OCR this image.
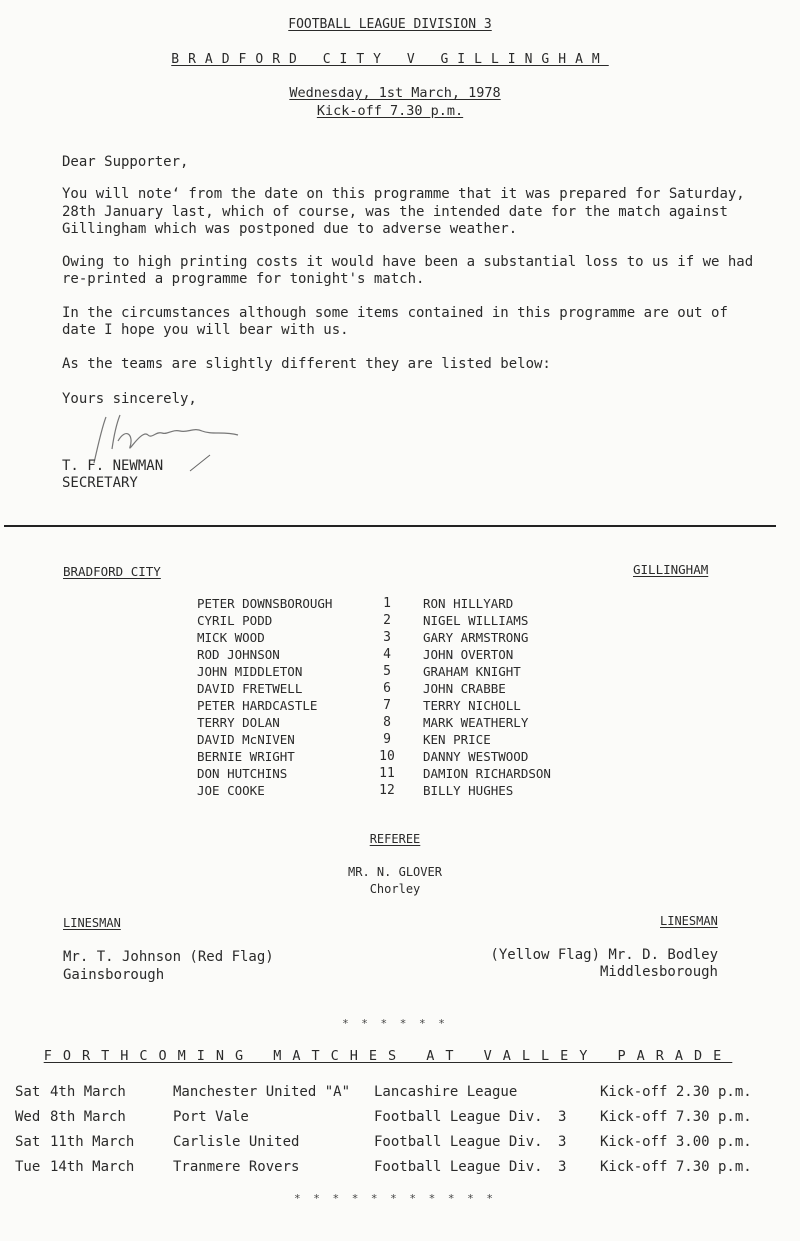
FOOTBALL LEAGUE DIVISION 3
BRADFORD CITY V GILLINGHAM
Wednesday, 1st March, 1978
Kick-off 7.30 p.m.
Dear Supporter,
You will noteʻ from the date on this programme that it was prepared for Saturday,
28th January last, which of course, was the intended date for the match against
Gillingham which was postponed due to adverse weather.
Owing to high printing costs it would have been a substantial loss to us if we had
re-printed a programme for tonight's match.
In the circumstances although some items contained in this programme are out of
date I hope you will bear with us.
As the teams are slightly different they are listed below:
Yours sincerely,
T. F. NEWMAN
SECRETARY
BRADFORD CITY	GILLINGHAM
PETER DOWNSBOROUGH	1	RON HILLYARD
CYRIL PODD	2	NIGEL WILLIAMS
MICK WOOD	3	GARY ARMSTRONG
ROD JOHNSON	4	JOHN OVERTON
JOHN MIDDLETON	5	GRAHAM KNIGHT
DAVID FRETWELL	6	JOHN CRABBE
PETER HARDCASTLE	7	TERRY NICHOLL
TERRY DOLAN	8	MARK WEATHERLY
DAVID McNIVEN	9	KEN PRICE
BERNIE WRIGHT	10	DANNY WESTWOOD
DON HUTCHINS	11	DAMION RICHARDSON
JOE COOKE	12	BILLY HUGHES
REFEREE
MR. N. GLOVER
Chorley
LINESMAN	LINESMAN
Mr. T. Johnson (Red Flag)
Gainsborough
(Yellow Flag) Mr. D. Bodley
Middlesborough
* * * * * *
FORTHCOMING MATCHES AT VALLEY PARADE
Sat 4th March	Manchester United "A" Lancashire League	Kick-off 2.30 p.m.
Wed 8th March	Port Vale	Football League Div. 3 Kick-off 7.30 p.m.
Sat 11th March	Carlisle United	Football League Div. 3 Kick-off 3.00 p.m.
Tue 14th March	Tranmere Rovers	Football League Div. 3 Kick-off 7.30 p.m.
* * * * * * * * * * *
